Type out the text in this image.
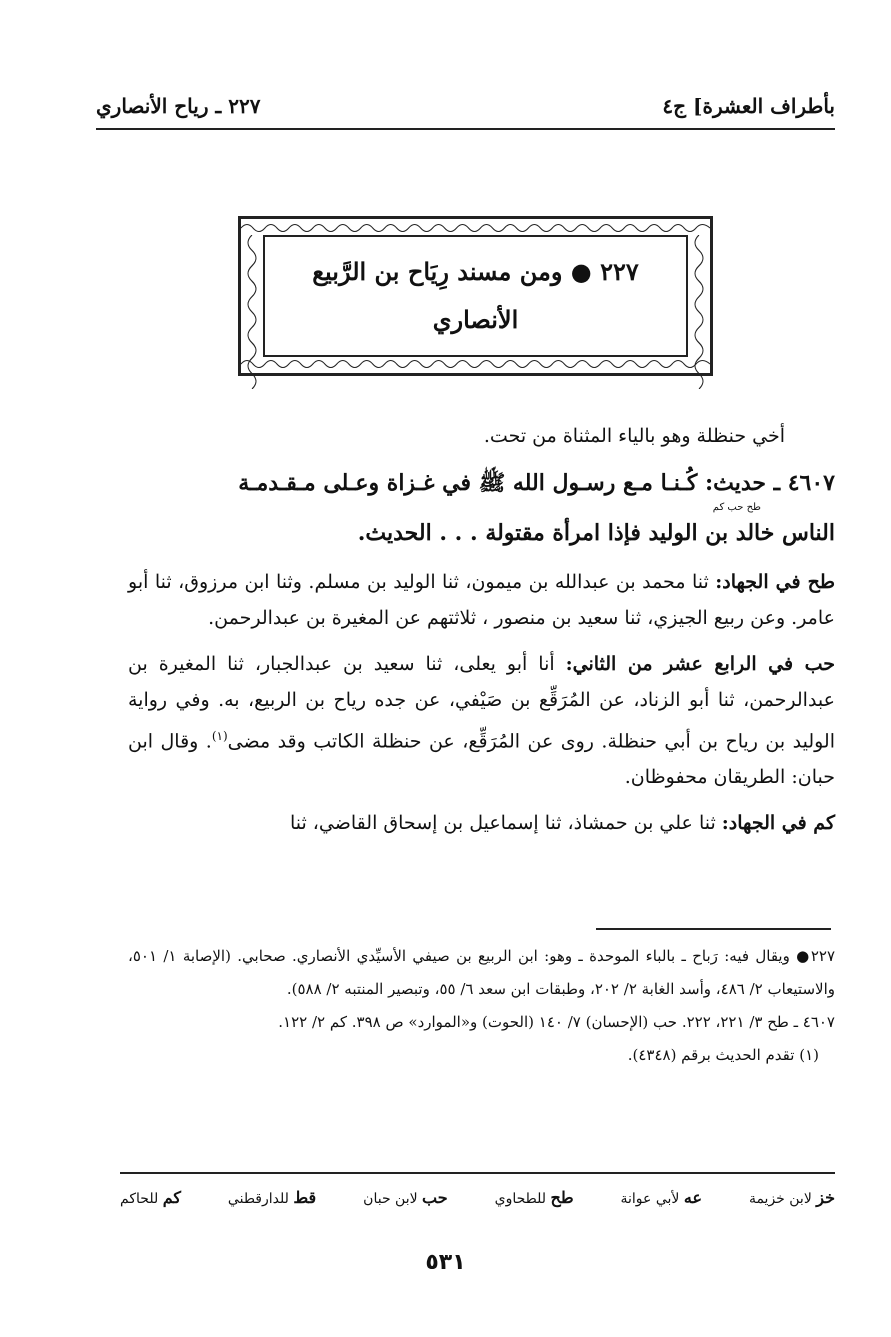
بأطراف العشرة] ج٤
٢٢٧ ـ رياح الأنصاري
٢٢٧ ● ومن مسند رِيَاح بن الرَّبيع
الأنصاري

أخي حنظلة وهو بالياء المثناة من تحت.

٤٦٠٧ ـ حديث: كُـنـا مـع رسـول الله ﷺ في غـزاة وعـلى مـقـدمـة
طح حب كم
الناس خالد بن الوليد فإذا امرأة مقتولة . . . الحديث.

طح في الجهاد: ثنا محمد بن عبدالله بن ميمون، ثنا الوليد بن مسلم. وثنا ابن مرزوق، ثنا أبو عامر. وعن ربيع الجيزي، ثنا سعيد بن منصور ، ثلاثتهم عن المغيرة بن عبدالرحمن.

حب في الرابع عشر من الثاني: أنا أبو يعلى، ثنا سعيد بن عبدالجبار، ثنا المغيرة بن عبدالرحمن، ثنا أبو الزناد، عن المُرَقِّع بن صَيْفي، عن جده رياح بن الربيع، به. وفي رواية الوليد بن رياح بن أبي حنظلة. روى عن المُرَقِّع، عن حنظلة الكاتب وقد مضى$^{(١)}$. وقال ابن حبان: الطريقان محفوظان.

كم في الجهاد: ثنا علي بن حمشاذ، ثنا إسماعيل بن إسحاق القاضي، ثنا

٢٢٧● ويقال فيه: رَباح ـ بالباء الموحدة ـ وهو: ابن الربيع بن صيفي الأسيِّدي الأنصاري. صحابي. (الإصابة ١/ ٥٠١، والاستيعاب ٢/ ٤٨٦، وأسد الغابة ٢/ ٢٠٢، وطبقات ابن سعد ٦/ ٥٥، وتبصير المنتبه ٢/ ٥٨٨).

٤٦٠٧ ـ طح ٣/ ٢٢١، ٢٢٢. حب (الإحسان) ٧/ ١٤٠ (الحوت) و«الموارد» ص ٣٩٨. كم ٢/ ١٢٢.

(١) تقدم الحديث برقم (٤٣٤٨).

خز لابن خزيمة
عه لأبي عوانة
طح للطحاوي
حب لابن حبان
قط للدارقطني
كم للحاكم
٥٣١
